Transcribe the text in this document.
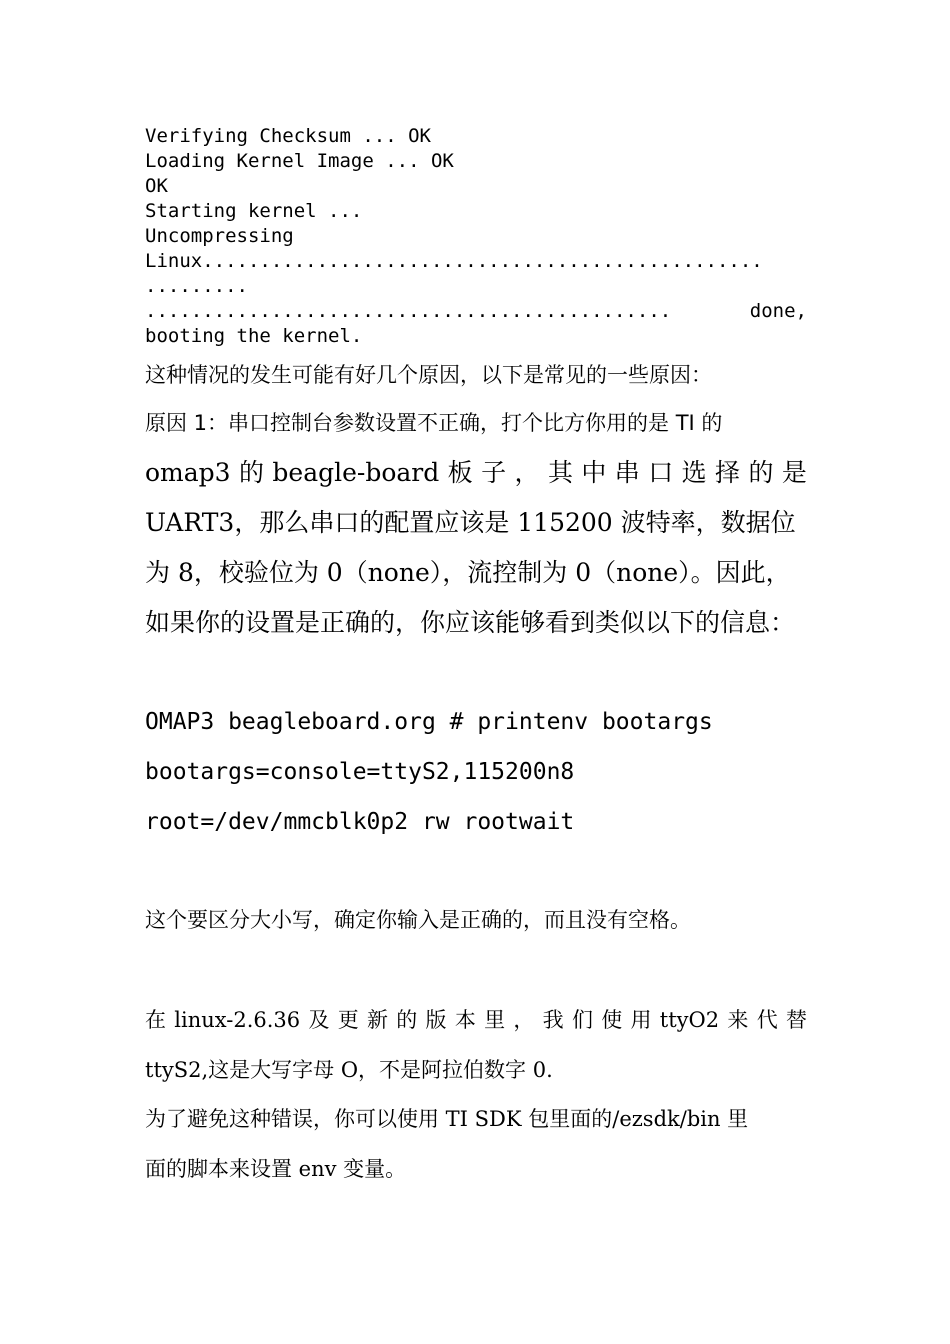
Verifying Checksum ... OK

Loading Kernel Image ... OK

OK

Starting kernel ...

Uncompressing

Linux.................................................

.........

..............................................	done,

booting the kernel.

这种情况的发生可能有好几个原因，以下是常见的一些原因：

原因 1：串口控制台参数设置不正确，打个比方你用的是 TI 的

omap3 的 beagle-board 板 子 ， 其 中 串 口 选 择 的 是

UART3，那么串口的配置应该是 115200 波特率，数据位

为 8，校验位为 0（none），流控制为 0（none）。因此，

如果你的设置是正确的，你应该能够看到类似以下的信息：

OMAP3 beagleboard.org # printenv bootargs

bootargs=console=ttyS2,115200n8

root=/dev/mmcblk0p2 rw rootwait

这个要区分大小写，确定你输入是正确的，而且没有空格。

在 linux-2.6.36 及 更 新 的 版 本 里 ， 我 们 使 用 ttyO2 来 代 替

ttyS2,这是大写字母 O，不是阿拉伯数字 0.

为了避免这种错误，你可以使用 TI SDK 包里面的/ezsdk/bin 里

面的脚本来设置 env 变量。
